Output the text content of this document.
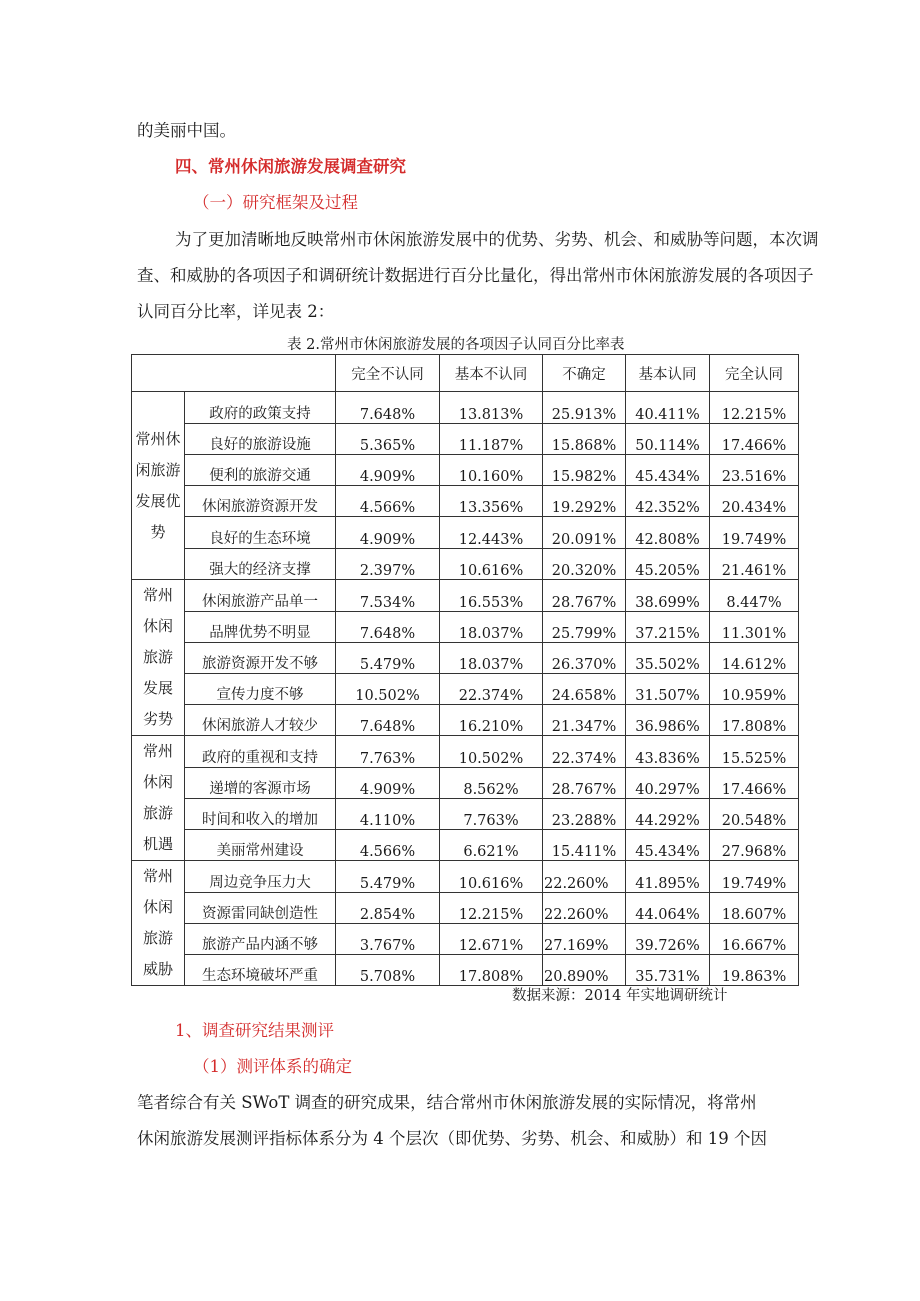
的美丽中国。
四、常州休闲旅游发展调查研究
（一）研究框架及过程
为了更加清晰地反映常州市休闲旅游发展中的优势、劣势、机会、和威胁等问题，本次调
查、和威胁的各项因子和调研统计数据进行百分比量化，得出常州市休闲旅游发展的各项因子
认同百分比率，详见表 2：
表 2.常州市休闲旅游发展的各项因子认同百分比率表
		完全不认同	基本不认同	不确定	基本认同	完全认同

常州休
闲旅游
发展优
势	政府的政策支持	7.648%	13.813%	25.913%	40.411%	12.215%
	良好的旅游设施	5.365%	11.187%	15.868%	50.114%	17.466%
	便利的旅游交通	4.909%	10.160%	15.982%	45.434%	23.516%
	休闲旅游资源开发	4.566%	13.356%	19.292%	42.352%	20.434%
	良好的生态环境	4.909%	12.443%	20.091%	42.808%	19.749%
	强大的经济支撑	2.397%	10.616%	20.320%	45.205%	21.461%

常州
休闲
旅游
发展
劣势	休闲旅游产品单一	7.534%	16.553%	28.767%	38.699%	8.447%
	品牌优势不明显	7.648%	18.037%	25.799%	37.215%	11.301%
	旅游资源开发不够	5.479%	18.037%	26.370%	35.502%	14.612%
	宣传力度不够	10.502%	22.374%	24.658%	31.507%	10.959%
	休闲旅游人才较少	7.648%	16.210%	21.347%	36.986%	17.808%

常州
休闲
旅游
机遇	政府的重视和支持	7.763%	10.502%	22.374%	43.836%	15.525%
	递增的客源市场	4.909%	8.562%	28.767%	40.297%	17.466%
	时间和收入的增加	4.110%	7.763%	23.288%	44.292%	20.548%
	美丽常州建设	4.566%	6.621%	15.411%	45.434%	27.968%

常州
休闲
旅游
威胁	周边竞争压力大	5.479%	10.616%	22.260%	41.895%	19.749%
	资源雷同缺创造性	2.854%	12.215%	22.260%	44.064%	18.607%
	旅游产品内涵不够	3.767%	12.671%	27.169%	39.726%	16.667%
	生态环境破坏严重	5.708%	17.808%	20.890%	35.731%	19.863%
数据来源：2014 年实地调研统计
1、调查研究结果测评
（1）测评体系的确定
笔者综合有关 SWoT 调查的研究成果，结合常州市休闲旅游发展的实际情况，将常州
休闲旅游发展测评指标体系分为 4 个层次（即优势、劣势、机会、和威胁）和 19 个因
